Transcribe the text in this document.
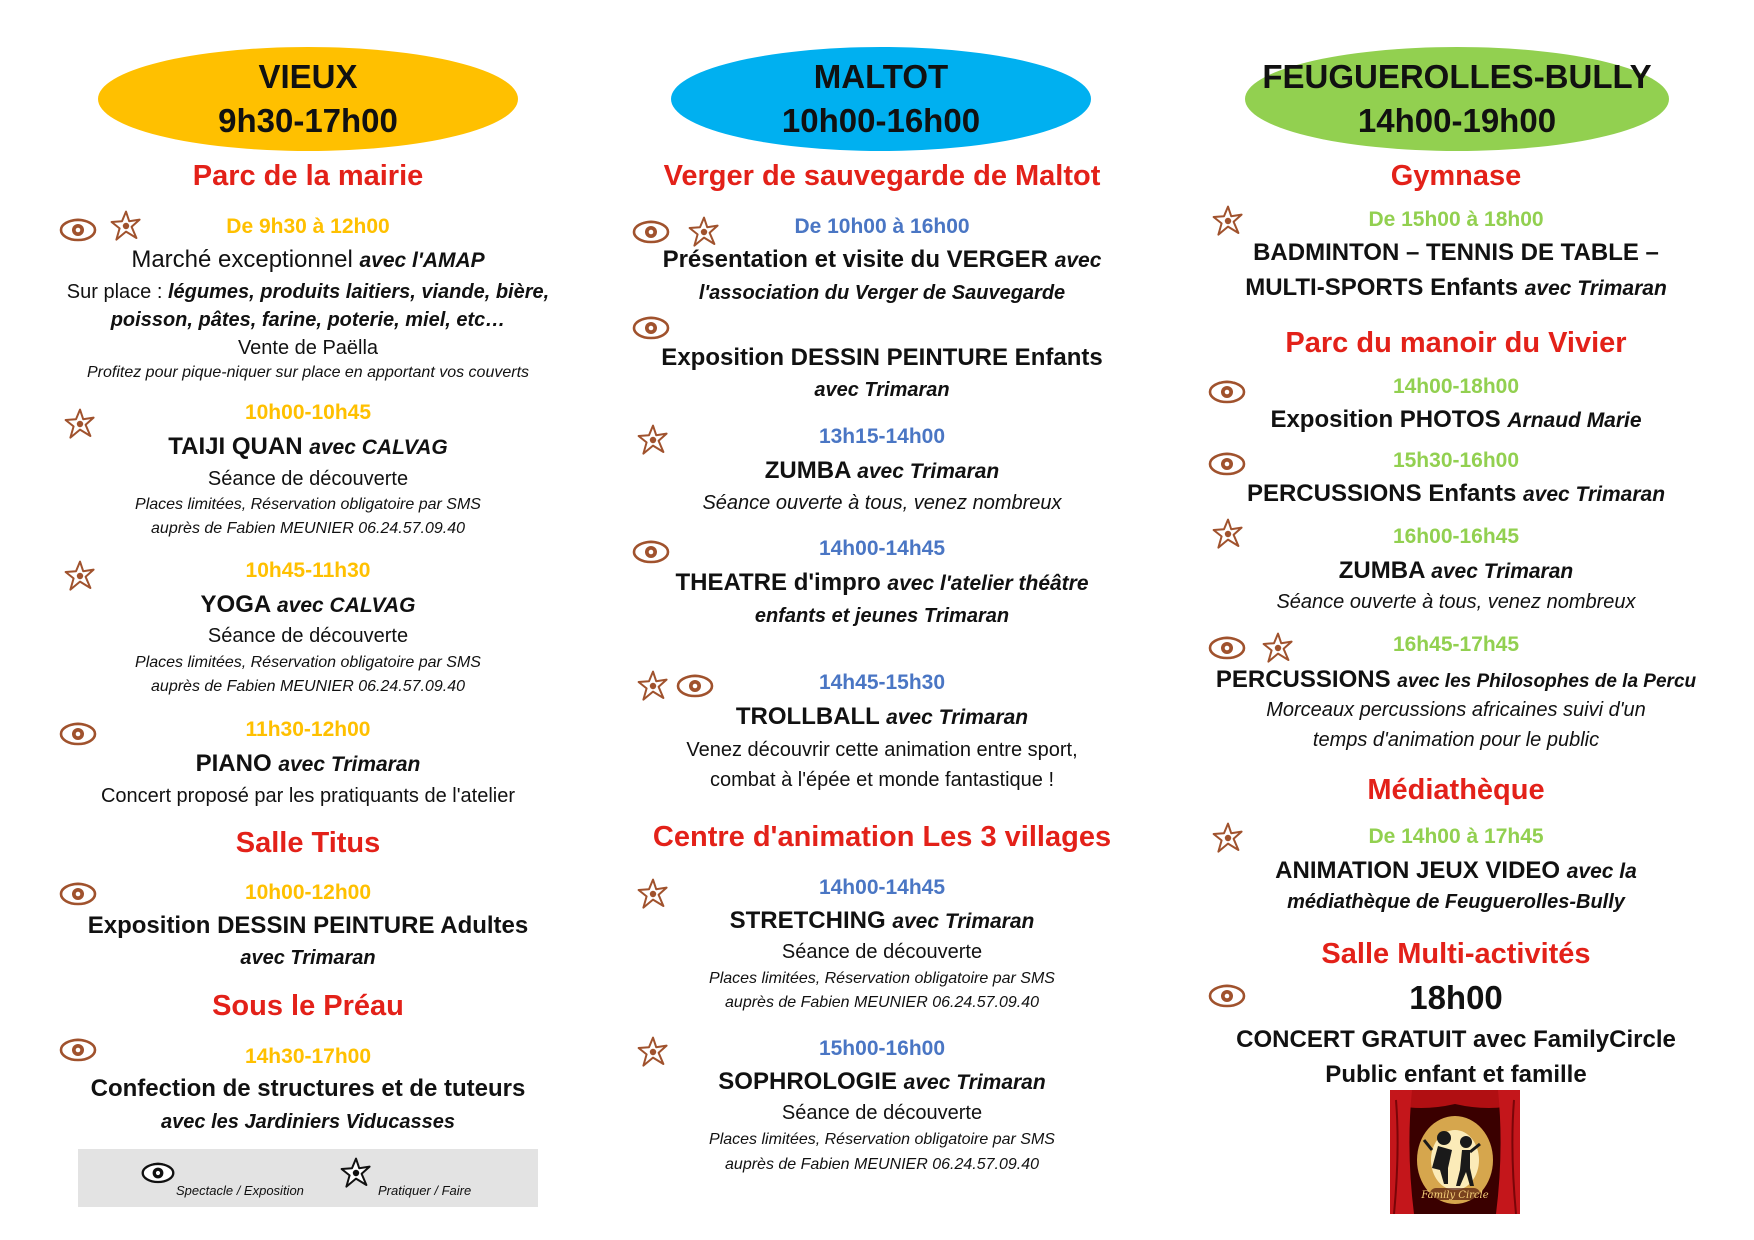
VIEUX
9h30-17h00
Parc de la mairie
De 9h30 à 12h00
Marché exceptionnel avec l'AMAP
Sur place : légumes, produits laitiers, viande, bière,
poisson, pâtes, farine, poterie, miel, etc…
Vente de Paëlla
Profitez pour pique-niquer sur place en apportant vos couverts
10h00-10h45
TAIJI QUAN avec CALVAG
Séance de découverte
Places limitées, Réservation obligatoire par SMS
auprès de Fabien MEUNIER 06.24.57.09.40
10h45-11h30
YOGA avec CALVAG
Séance de découverte
Places limitées, Réservation obligatoire par SMS
auprès de Fabien MEUNIER 06.24.57.09.40
11h30-12h00
PIANO avec Trimaran
Concert proposé par les pratiquants de l'atelier
Salle Titus
10h00-12h00
Exposition DESSIN PEINTURE Adultes
avec Trimaran
Sous le Préau
14h30-17h00
Confection de structures et de tuteurs
avec les Jardiniers Viducasses
Spectacle / Exposition	Pratiquer / Faire
MALTOT
10h00-16h00
Verger de sauvegarde de Maltot
De 10h00 à 16h00
Présentation et visite du VERGER avec
l'association du Verger de Sauvegarde
Exposition DESSIN PEINTURE Enfants
avec Trimaran
13h15-14h00
ZUMBA avec Trimaran
Séance ouverte à tous, venez nombreux
14h00-14h45
THEATRE d'impro avec l'atelier théâtre
enfants et jeunes Trimaran
14h45-15h30
TROLLBALL avec Trimaran
Venez découvrir cette animation entre sport,
combat à l'épée et monde fantastique !
Centre d'animation Les 3 villages
14h00-14h45
STRETCHING avec Trimaran
Séance de découverte
Places limitées, Réservation obligatoire par SMS
auprès de Fabien MEUNIER 06.24.57.09.40
15h00-16h00
SOPHROLOGIE avec Trimaran
Séance de découverte
Places limitées, Réservation obligatoire par SMS
auprès de Fabien MEUNIER 06.24.57.09.40
FEUGUEROLLES-BULLY
14h00-19h00
Gymnase
De 15h00 à 18h00
BADMINTON – TENNIS DE TABLE –
MULTI-SPORTS Enfants avec Trimaran
Parc du manoir du Vivier
14h00-18h00
Exposition PHOTOS Arnaud Marie
15h30-16h00
PERCUSSIONS Enfants avec Trimaran
16h00-16h45
ZUMBA avec Trimaran
Séance ouverte à tous, venez nombreux
16h45-17h45
PERCUSSIONS avec les Philosophes de la Percu
Morceaux percussions africaines suivi d'un
temps d'animation pour le public
Médiathèque
De 14h00 à 17h45
ANIMATION JEUX VIDEO avec la
médiathèque de Feuguerolles-Bully
Salle Multi-activités
18h00
CONCERT GRATUIT avec FamilyCircle
Public enfant et famille
Family Circle
